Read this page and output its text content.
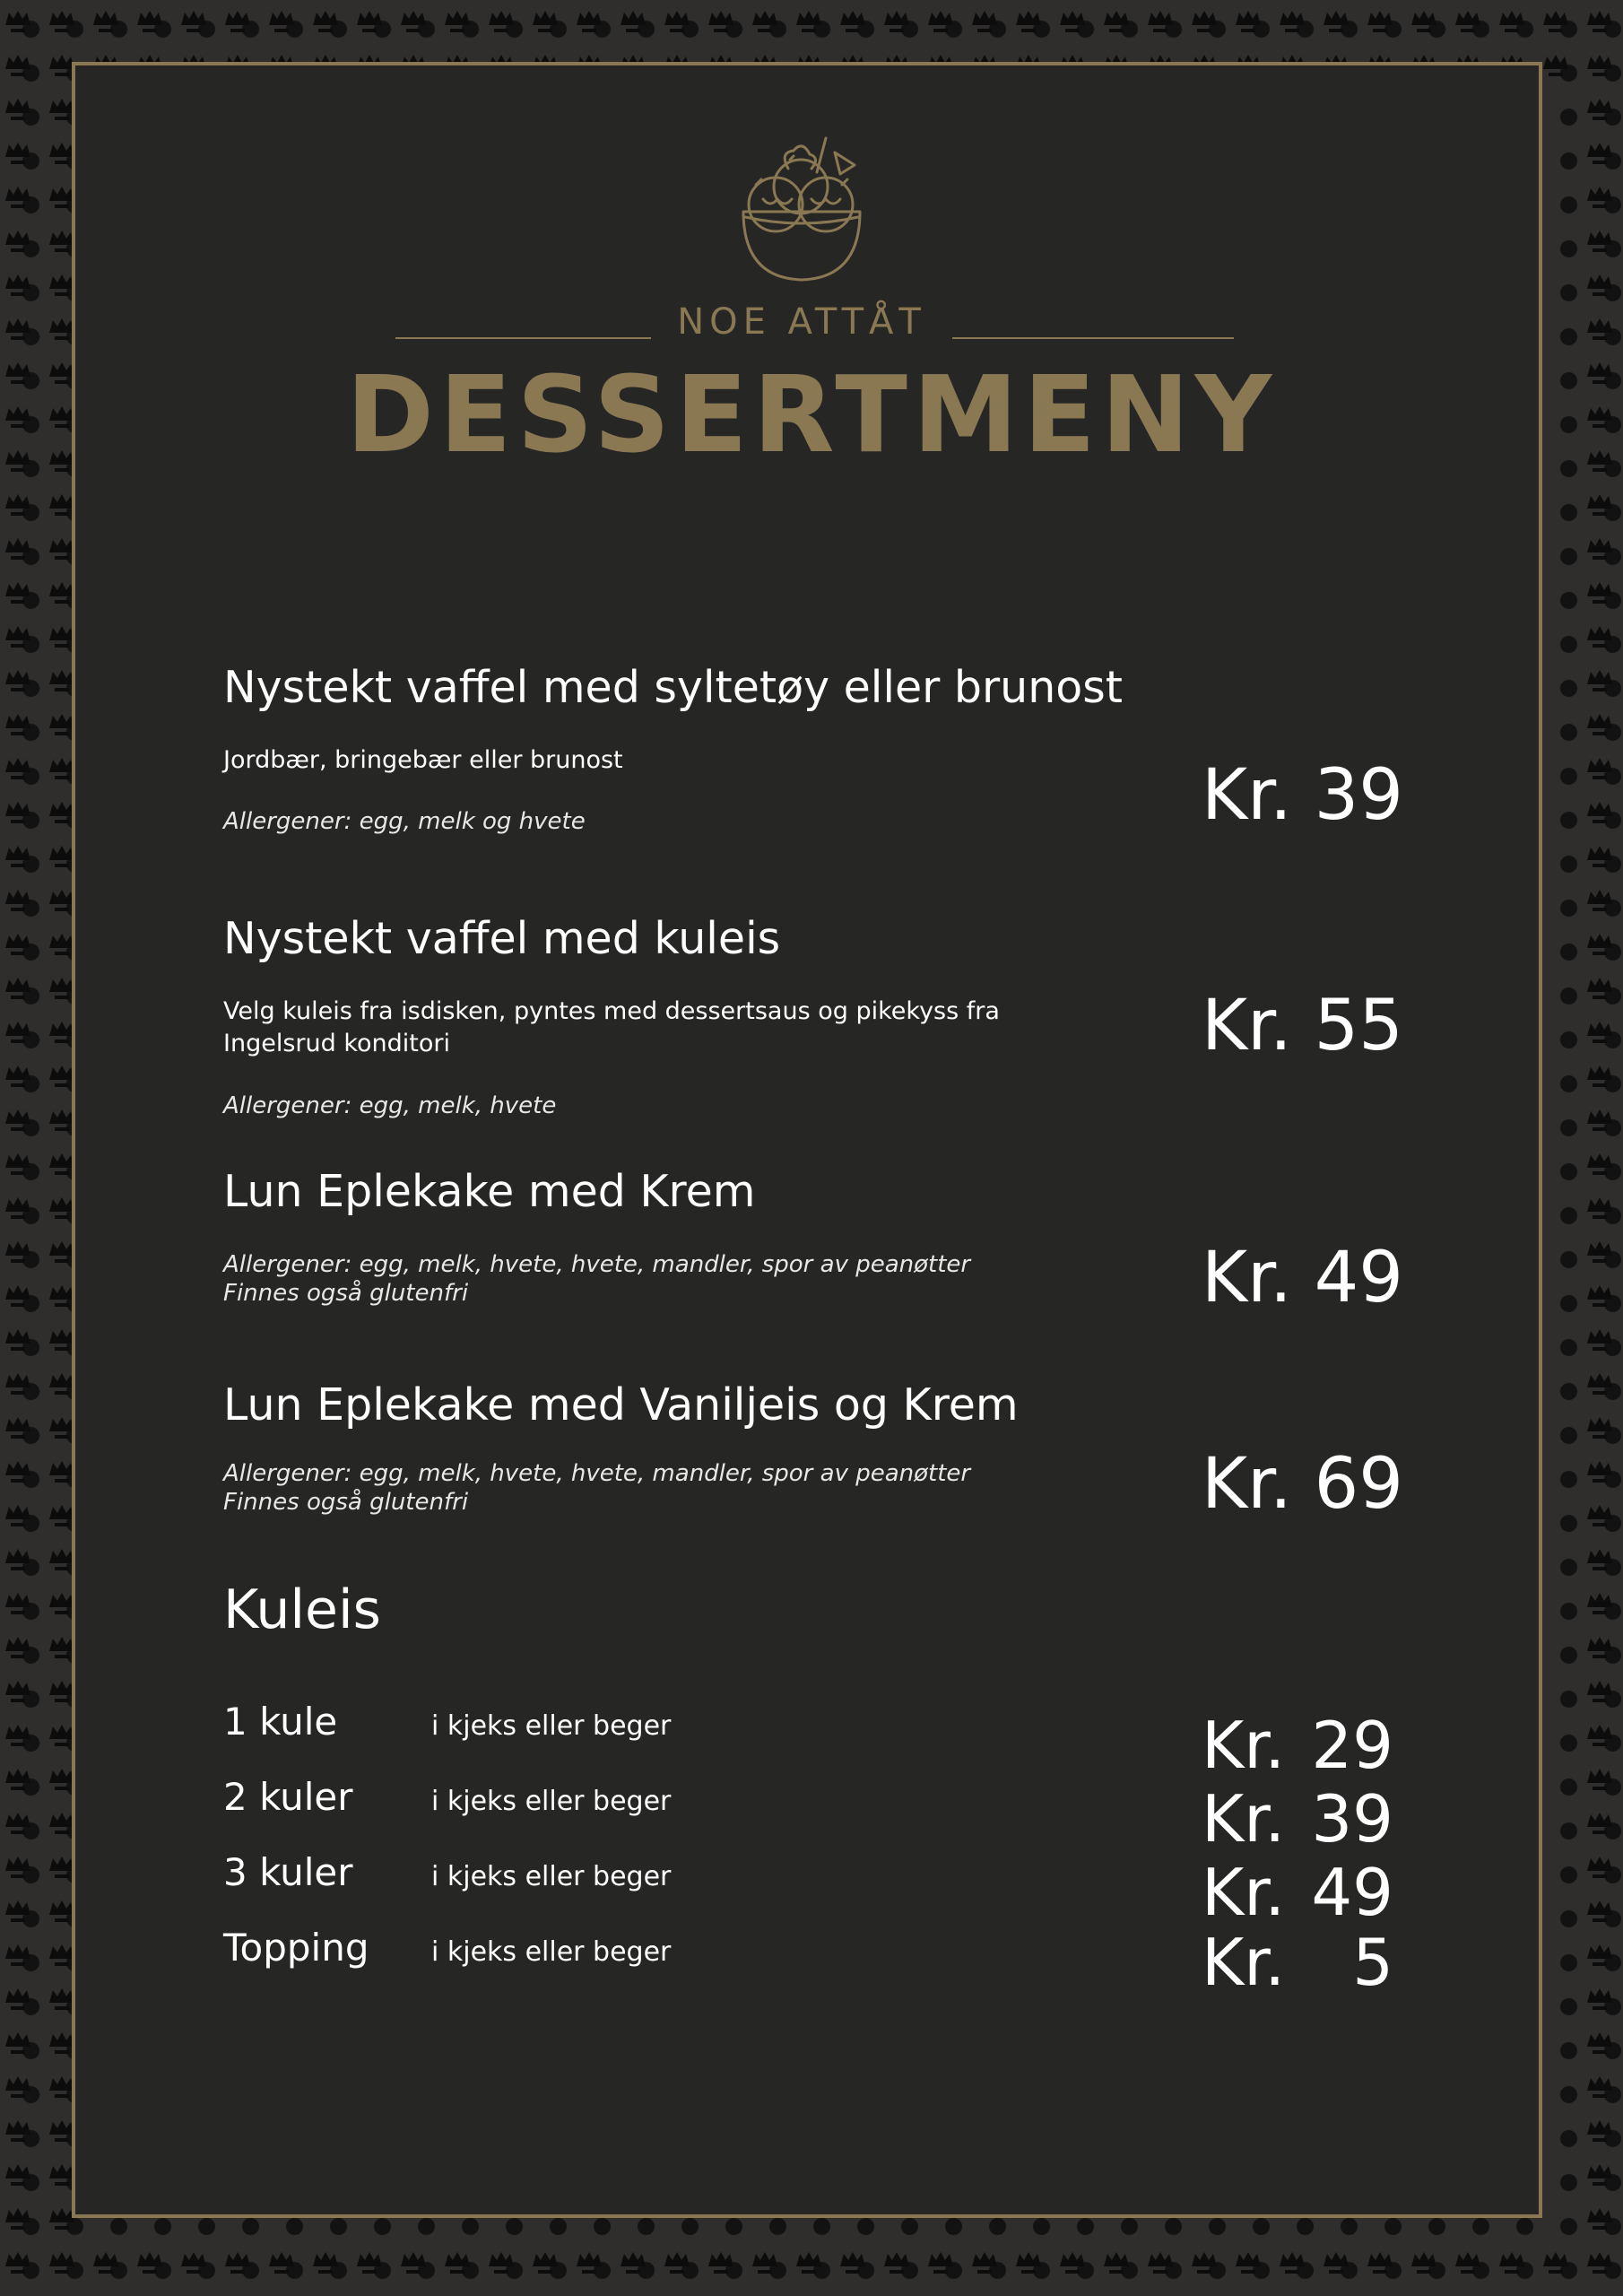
NOE ATTÅT
DESSERTMENY
Nystekt vaffel med syltetøy eller brunost
Jordbær, bringebær eller brunost
Allergener: egg, melk og hvete	Kr. 39
Nystekt vaffel med kuleis
Velg kuleis fra isdisken, pyntes med dessertsaus og pikekyss fra Ingelsrud konditori
Allergener: egg, melk, hvete
Kr. 55
Lun Eplekake med Krem
Allergener: egg, melk, hvete, hvete, mandler, spor av peanøtter
Finnes også glutenfri	Kr. 49
Lun Eplekake med Vaniljeis og Krem
Allergener: egg, melk, hvete, hvete, mandler, spor av peanøtter
Finnes også glutenfri	Kr. 69
Kuleis
1 kule	i kjeks eller beger	Kr. 29
2 kuler	i kjeks eller beger	Kr. 39
3 kuler	i kjeks eller beger	Kr. 49
Topping i kjeks eller beger	Kr. 5
